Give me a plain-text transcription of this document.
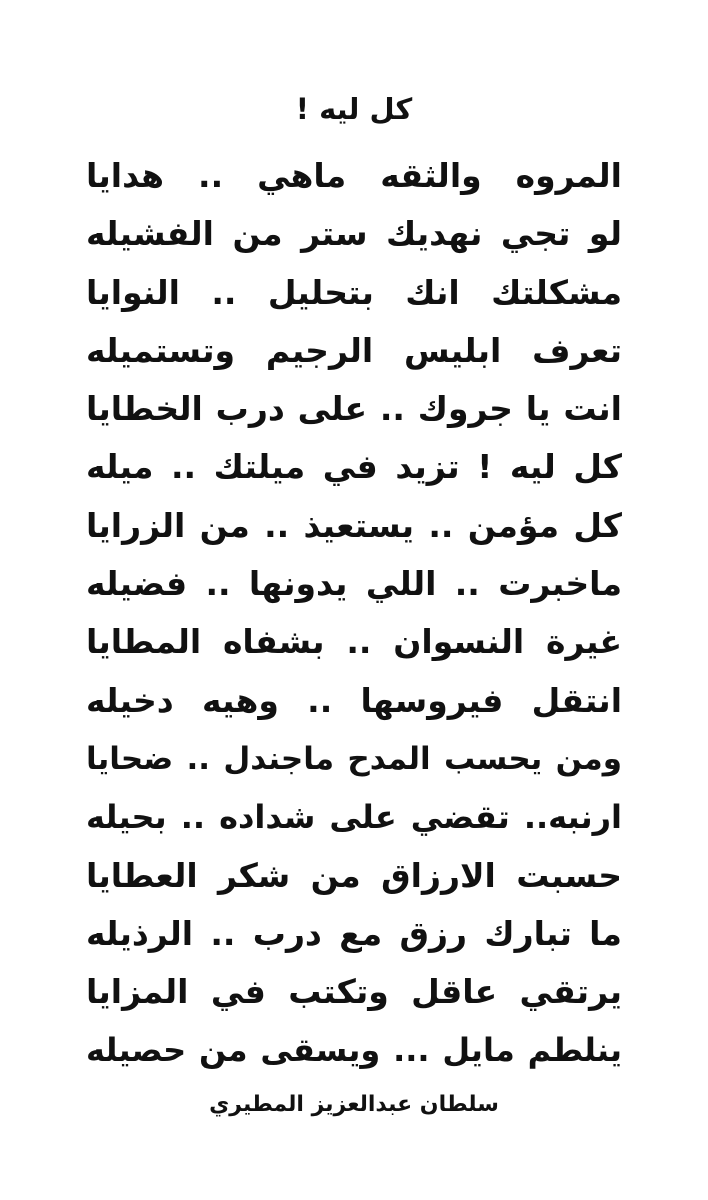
كل ليه !
المروه والثقه ماهي .. هدايا
لو تجي نهديك ستر من الفشيله
مشكلتك انك بتحليل .. النوايا
تعرف ابليس الرجيم وتستميله
انت يا جروك .. على درب الخطايا
كل ليه ! تزيد في ميلتك .. ميله
كل مؤمن .. يستعيذ .. من الزرايا
ماخبرت .. اللي يدونها .. فضيله
غيرة النسوان .. بشفاه المطايا
انتقل فيروسها .. وهيه دخيله
ومن يحسب المدح ماجندل .. ضحايا
ارنبه.. تقضي على شداده .. بحيله
حسبت الارزاق من شكر العطايا
ما تبارك رزق مع درب .. الرذيله
يرتقي عاقل وتكتب في المزايا
ينلطم مايل ... ويسقى من حصيله
سلطان عبدالعزيز المطيري
